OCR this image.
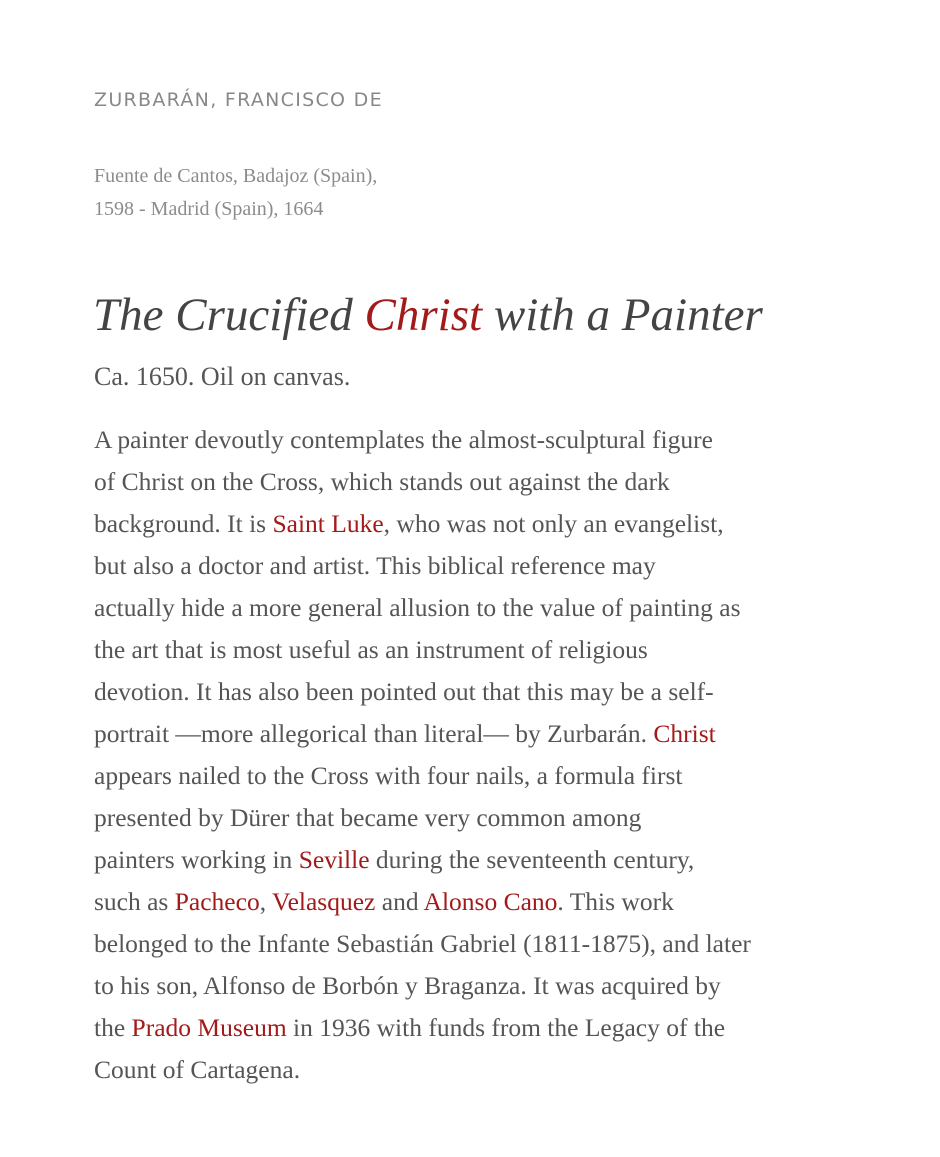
ZURBARÁN, FRANCISCO DE

Fuente de Cantos, Badajoz (Spain), 1598 - Madrid (Spain), 1664

The Crucified Christ with a Painter

Ca. 1650. Oil on canvas.

A painter devoutly contemplates the almost-sculptural figure
of Christ on the Cross, which stands out against the dark
background. It is Saint Luke, who was not only an evangelist,
but also a doctor and artist. This biblical reference may
actually hide a more general allusion to the value of painting as
the art that is most useful as an instrument of religious
devotion. It has also been pointed out that this may be a self-
portrait —more allegorical than literal— by Zurbarán. Christ
appears nailed to the Cross with four nails, a formula first
presented by Dürer that became very common among
painters working in Seville during the seventeenth century,
such as Pacheco, Velasquez and Alonso Cano. This work
belonged to the Infante Sebastián Gabriel (1811-1875), and later
to his son, Alfonso de Borbón y Braganza. It was acquired by
the Prado Museum in 1936 with funds from the Legacy of the
Count of Cartagena.
